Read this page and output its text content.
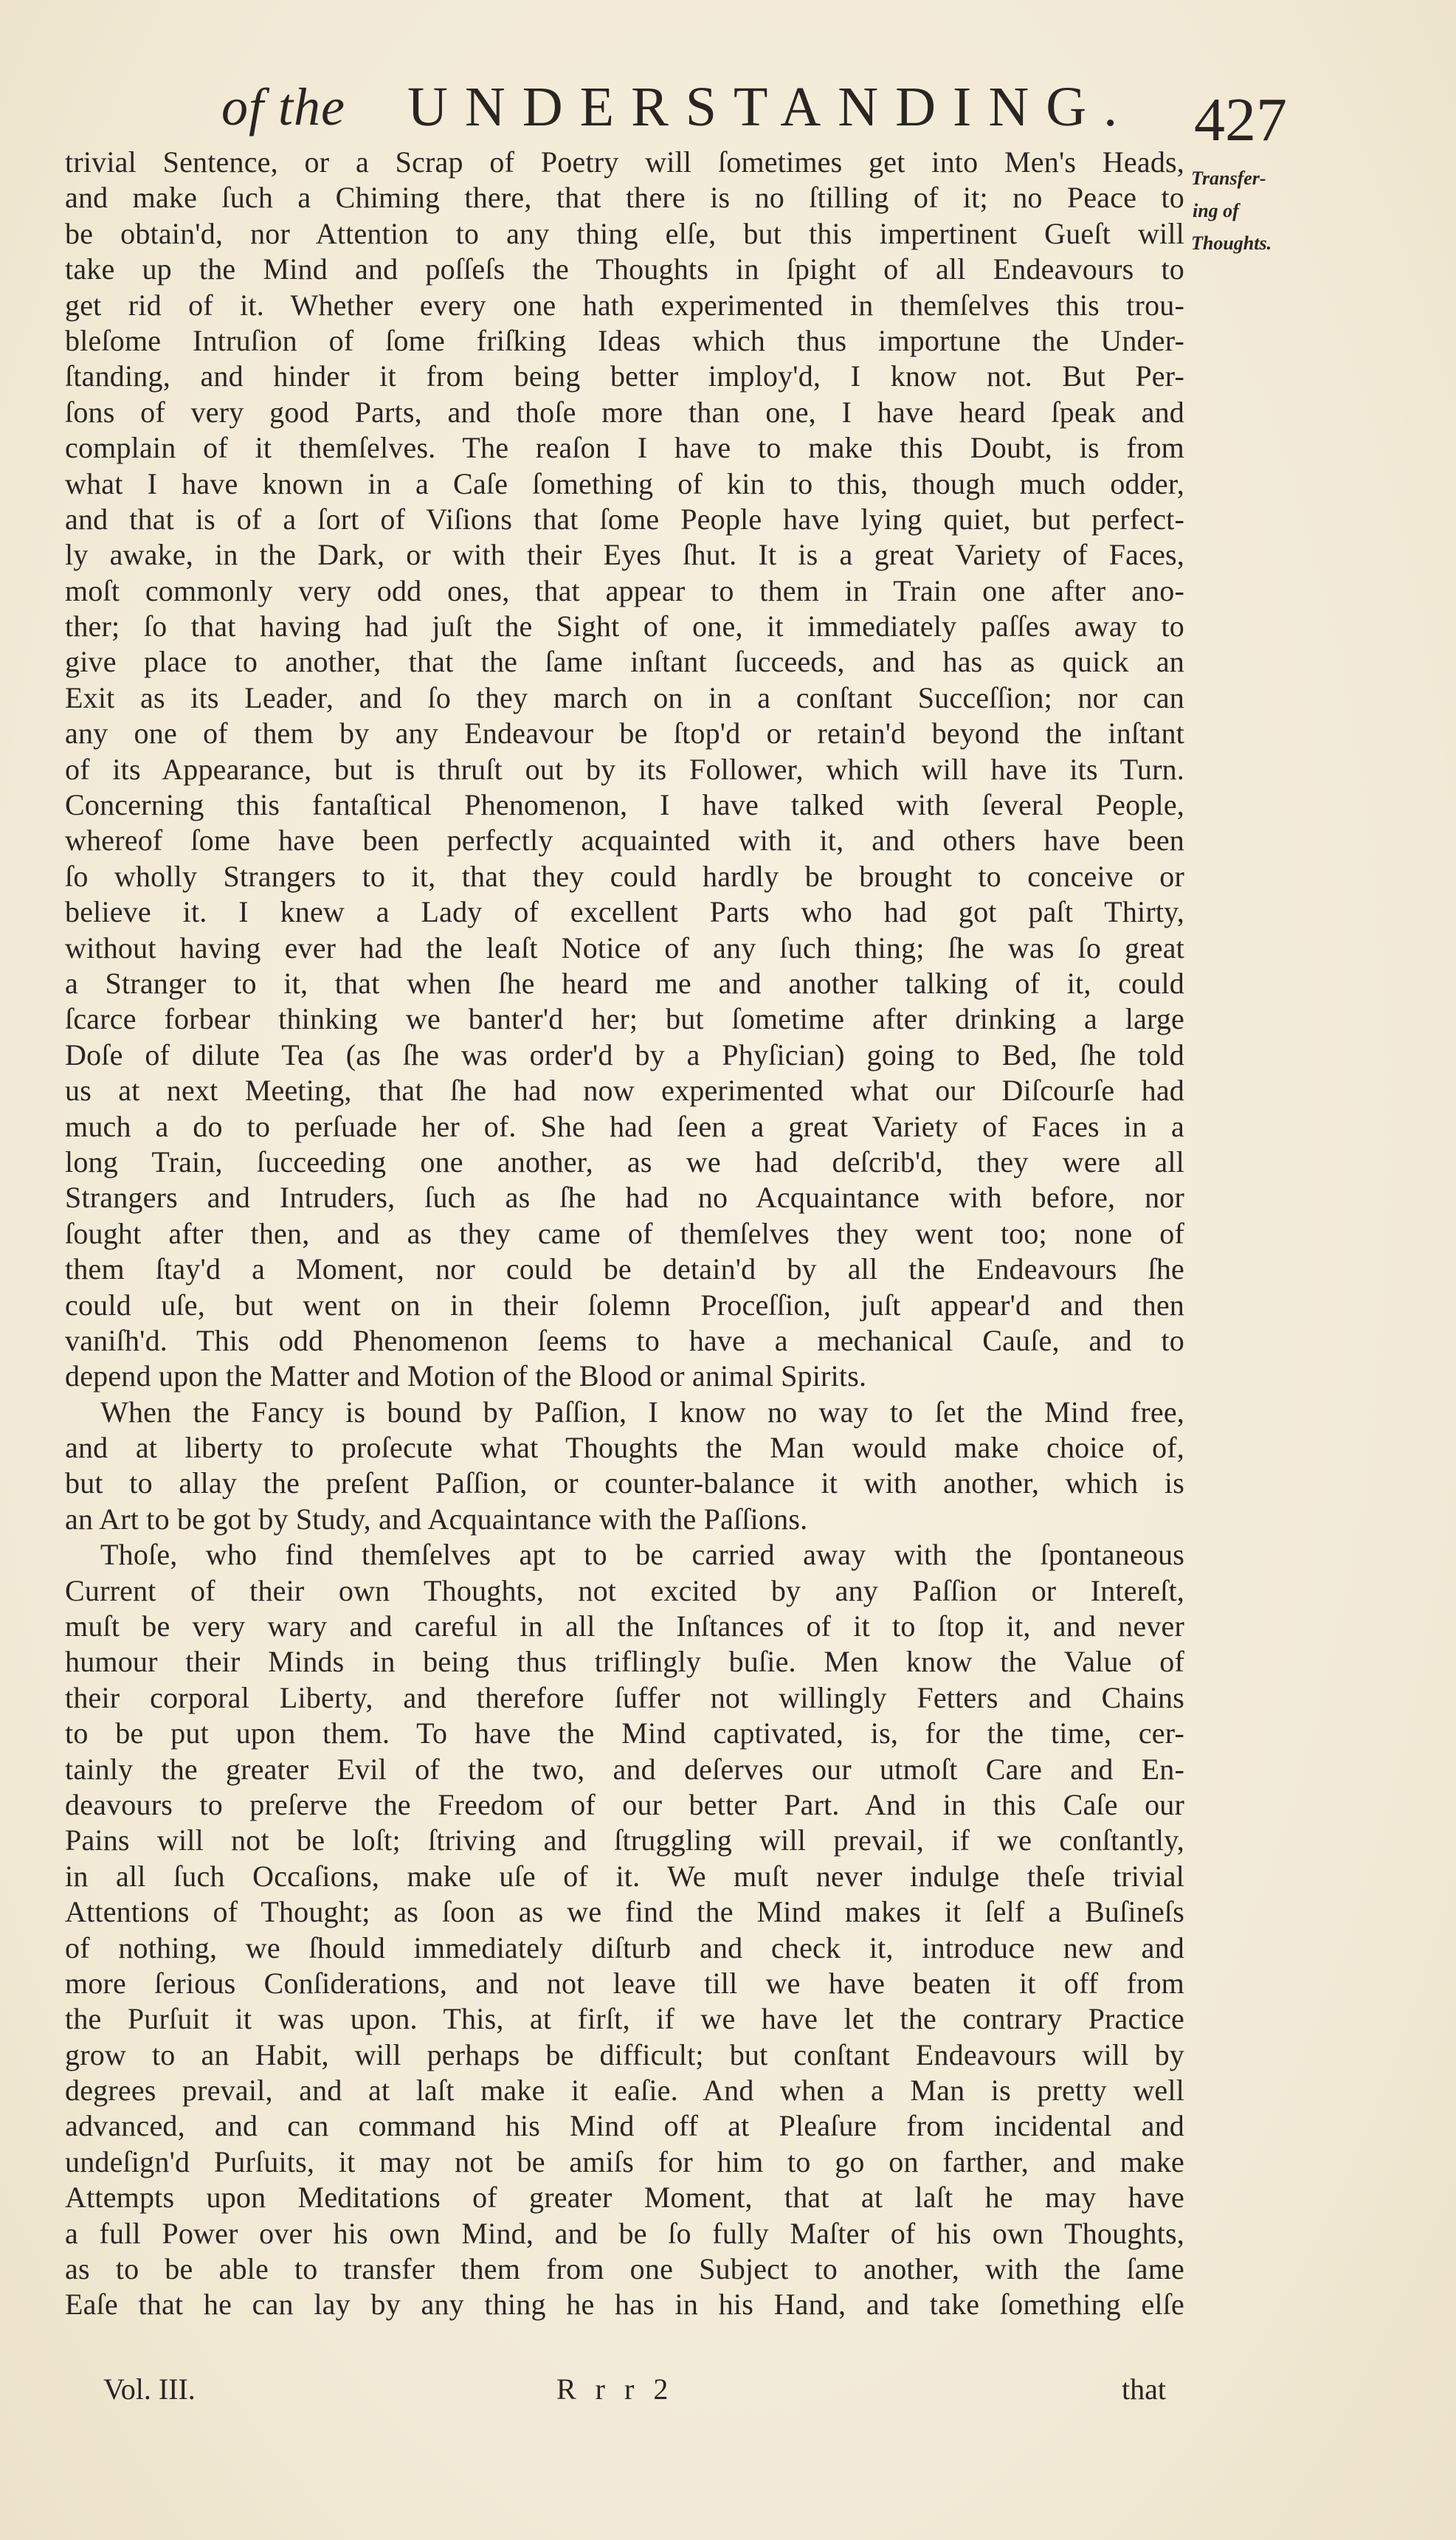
of the UNDERSTANDING. 427
Transfer-
ing of
Thoughts.
trivial Sentence, or a Scrap of Poetry will ſometimes get into Men's Heads,
and make ſuch a Chiming there, that there is no ſtilling of it; no Peace to
be obtain'd, nor Attention to any thing elſe, but this impertinent Gueſt will
take up the Mind and poſſeſs the Thoughts in ſpight of all Endeavours to
get rid of it. Whether every one hath experimented in themſelves this trou-
bleſome Intruſion of ſome friſking Ideas which thus importune the Under-
ſtanding, and hinder it from being better imploy'd, I know not. But Per-
ſons of very good Parts, and thoſe more than one, I have heard ſpeak and
complain of it themſelves. The reaſon I have to make this Doubt, is from
what I have known in a Caſe ſomething of kin to this, though much odder,
and that is of a ſort of Viſions that ſome People have lying quiet, but perfect-
ly awake, in the Dark, or with their Eyes ſhut. It is a great Variety of Faces,
moſt commonly very odd ones, that appear to them in Train one after ano-
ther; ſo that having had juſt the Sight of one, it immediately paſſes away to
give place to another, that the ſame inſtant ſucceeds, and has as quick an
Exit as its Leader, and ſo they march on in a conſtant Succeſſion; nor can
any one of them by any Endeavour be ſtop'd or retain'd beyond the inſtant
of its Appearance, but is thruſt out by its Follower, which will have its Turn.
Concerning this fantaſtical Phenomenon, I have talked with ſeveral People,
whereof ſome have been perfectly acquainted with it, and others have been
ſo wholly Strangers to it, that they could hardly be brought to conceive or
believe it. I knew a Lady of excellent Parts who had got paſt Thirty,
without having ever had the leaſt Notice of any ſuch thing; ſhe was ſo great
a Stranger to it, that when ſhe heard me and another talking of it, could
ſcarce forbear thinking we banter'd her; but ſometime after drinking a large
Doſe of dilute Tea (as ſhe was order'd by a Phyſician) going to Bed, ſhe told
us at next Meeting, that ſhe had now experimented what our Diſcourſe had
much a do to perſuade her of. She had ſeen a great Variety of Faces in a
long Train, ſucceeding one another, as we had deſcrib'd, they were all
Strangers and Intruders, ſuch as ſhe had no Acquaintance with before, nor
ſought after then, and as they came of themſelves they went too; none of
them ſtay'd a Moment, nor could be detain'd by all the Endeavours ſhe
could uſe, but went on in their ſolemn Proceſſion, juſt appear'd and then
vaniſh'd. This odd Phenomenon ſeems to have a mechanical Cauſe, and to
depend upon the Matter and Motion of the Blood or animal Spirits.
When the Fancy is bound by Paſſion, I know no way to ſet the Mind free,
and at liberty to proſecute what Thoughts the Man would make choice of,
but to allay the preſent Paſſion, or counter-balance it with another, which is
an Art to be got by Study, and Acquaintance with the Paſſions.
Thoſe, who find themſelves apt to be carried away with the ſpontaneous
Current of their own Thoughts, not excited by any Paſſion or Intereſt,
muſt be very wary and careful in all the Inſtances of it to ſtop it, and never
humour their Minds in being thus triflingly buſie. Men know the Value of
their corporal Liberty, and therefore ſuffer not willingly Fetters and Chains
to be put upon them. To have the Mind captivated, is, for the time, cer-
tainly the greater Evil of the two, and deſerves our utmoſt Care and En-
deavours to preſerve the Freedom of our better Part. And in this Caſe our
Pains will not be loſt; ſtriving and ſtruggling will prevail, if we conſtantly,
in all ſuch Occaſions, make uſe of it. We muſt never indulge theſe trivial
Attentions of Thought; as ſoon as we find the Mind makes it ſelf a Buſineſs
of nothing, we ſhould immediately diſturb and check it, introduce new and
more ſerious Conſiderations, and not leave till we have beaten it off from
the Purſuit it was upon. This, at firſt, if we have let the contrary Practice
grow to an Habit, will perhaps be difficult; but conſtant Endeavours will by
degrees prevail, and at laſt make it eaſie. And when a Man is pretty well
advanced, and can command his Mind off at Pleaſure from incidental and
undeſign'd Purſuits, it may not be amiſs for him to go on farther, and make
Attempts upon Meditations of greater Moment, that at laſt he may have
a full Power over his own Mind, and be ſo fully Maſter of his own Thoughts,
as to be able to transfer them from one Subject to another, with the ſame
Eaſe that he can lay by any thing he has in his Hand, and take ſomething elſe
Vol. III.	R r r 2	that
